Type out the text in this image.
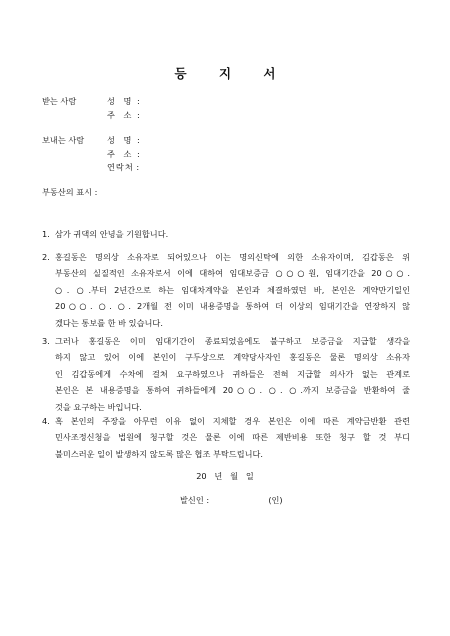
등 지 서
받는 사람	성 명 :
주 소 :
보내는 사람	성 명 :
주 소 :
연락처 :
부동산의 표시 :
1. 삼가 귀댁의 안녕을 기원합니다.
2. 홍길동은 명의상 소유자로 되어있으나 이는 명의신탁에 의한 소유자이며, 김갑동은 위
부동산의 실질적인 소유자로서 이에 대하여 임대보증금 ○○○원, 임대기간을 20○○.
○. ○.부터 2년간으로 하는 임대차계약을 본인과 체결하였던 바, 본인은 계약만기일인
20○○. ○. ○. 2개월 전 이미 내용증명을 통하여 더 이상의 임대기간을 연장하지 않
겠다는 통보를 한 바 있습니다.
3. 그러나 홍길동은 이미 임대기간이 종료되었음에도 불구하고 보증금을 지급할 생각을
하지 않고 있어 이에 본인이 구두상으로 계약당사자인 홍길동은 물론 명의상 소유자
인 김갑동에게 수차에 걸쳐 요구하였으나 귀하들은 전혀 지급할 의사가 없는 관계로
본인은 본 내용증명을 통하여 귀하들에게 20○○. ○. ○.까지 보증금을 반환하여 줄
것을 요구하는 바입니다.
4. 혹 본인의 주장을 아무런 이유 없이 지체할 경우 본인은 이에 따른 계약금반환 관련
민사조정신청을 법원에 청구할 것은 물론 이에 따른 제반비용 또한 청구 할 것 부디
불미스러운 일이 발생하지 않도록 많은 협조 부탁드립니다.
20   년   월   일
발신인 :	(인)
